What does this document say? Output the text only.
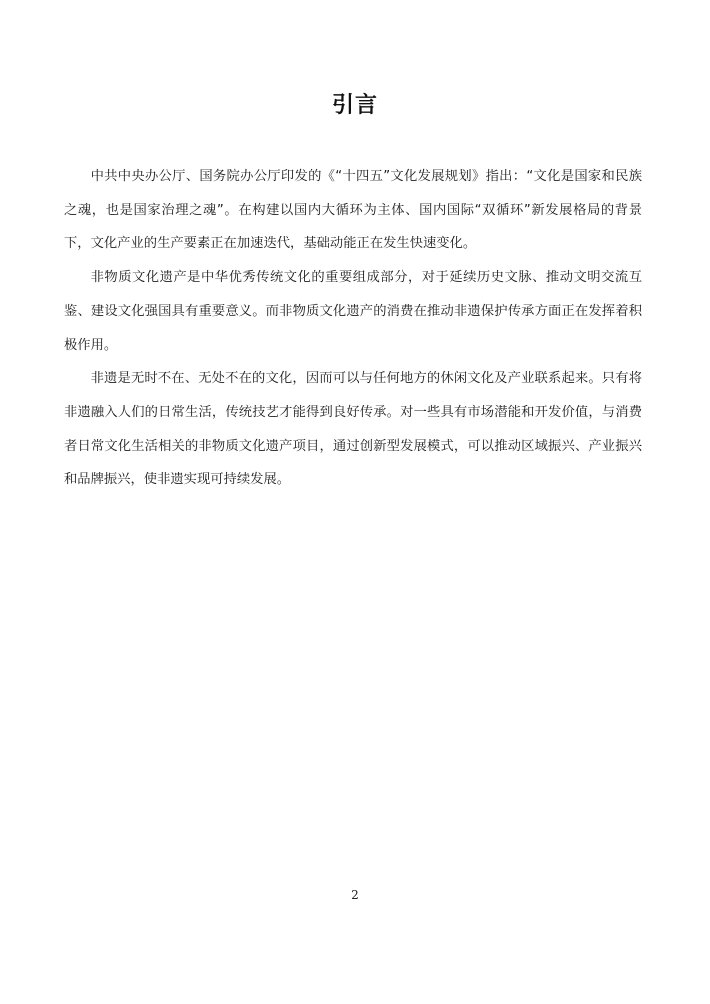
引言

中共中央办公厅、国务院办公厅印发的《“十四五”文化发展规划》指出：“文化是国家和民族之魂，也是国家治理之魂”。在构建以国内大循环为主体、国内国际“双循环”新发展格局的背景下，文化产业的生产要素正在加速迭代，基础动能正在发生快速变化。

非物质文化遗产是中华优秀传统文化的重要组成部分，对于延续历史文脉、推动文明交流互鉴、建设文化强国具有重要意义。而非物质文化遗产的消费在推动非遗保护传承方面正在发挥着积极作用。

非遗是无时不在、无处不在的文化，因而可以与任何地方的休闲文化及产业联系起来。只有将非遗融入人们的日常生活，传统技艺才能得到良好传承。对一些具有市场潜能和开发价值，与消费者日常文化生活相关的非物质文化遗产项目，通过创新型发展模式，可以推动区域振兴、产业振兴和品牌振兴，使非遗实现可持续发展。

2
